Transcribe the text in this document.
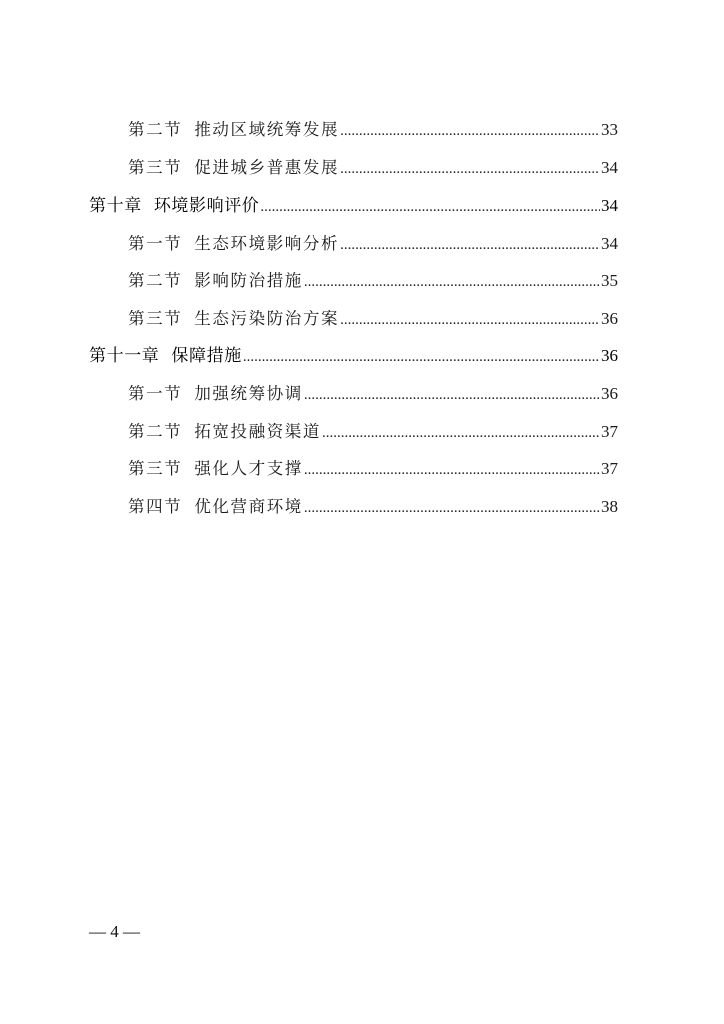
第二节 推动区域统筹发展 .....	33
第三节 促进城乡普惠发展 .....	34
第十章 环境影响评价 .....	34
第一节 生态环境影响分析 .....	34
第二节 影响防治措施 .....	35
第三节 生态污染防治方案 .....	36
第十一章 保障措施 .....	36
第一节 加强统筹协调 .....	36
第二节 拓宽投融资渠道 .....	37
第三节 强化人才支撑 .....	37
第四节 优化营商环境 .....	38
— 4 —
